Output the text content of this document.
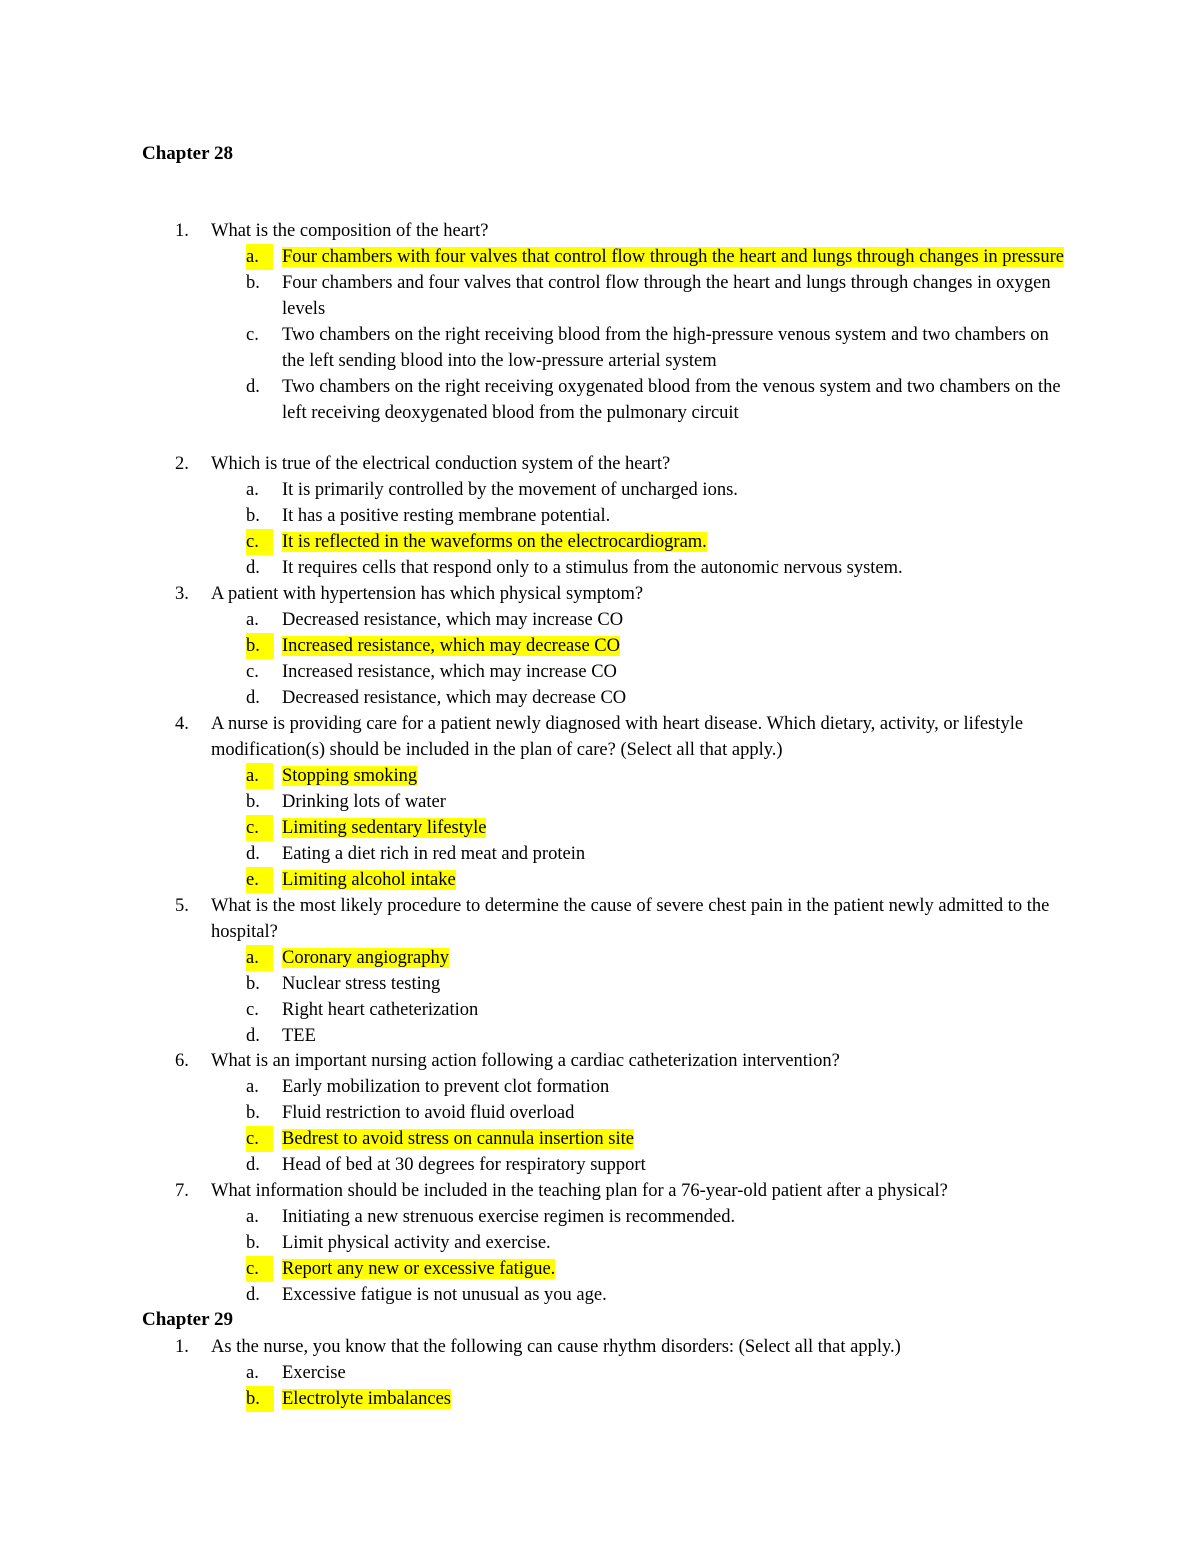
Chapter 28
1. What is the composition of the heart?
a.	Four chambers with four valves that control flow through the heart and lungs through changes in pressure
b. Four chambers and four valves that control flow through the heart and lungs through changes in oxygen levels
c. Two chambers on the right receiving blood from the high-pressure venous system and two chambers on the left sending blood into the low-pressure arterial system
d. Two chambers on the right receiving oxygenated blood from the venous system and two chambers on the left receiving deoxygenated blood from the pulmonary circuit
2. Which is true of the electrical conduction system of the heart?
a. It is primarily controlled by the movement of uncharged ions.
b. It has a positive resting membrane potential.
c.	It is reflected in the waveforms on the electrocardiogram.
d. It requires cells that respond only to a stimulus from the autonomic nervous system.
3. A patient with hypertension has which physical symptom?
a. Decreased resistance, which may increase CO
b.	Increased resistance, which may decrease CO
c. Increased resistance, which may increase CO
d. Decreased resistance, which may decrease CO
4. A nurse is providing care for a patient newly diagnosed with heart disease. Which dietary, activity, or lifestyle modification(s) should be included in the plan of care? (Select all that apply.)
a.	Stopping smoking
b. Drinking lots of water
c.	Limiting sedentary lifestyle
d. Eating a diet rich in red meat and protein
e.	Limiting alcohol intake
5. What is the most likely procedure to determine the cause of severe chest pain in the patient newly admitted to the hospital?
a.	Coronary angiography
b. Nuclear stress testing
c. Right heart catheterization
d. TEE
6. What is an important nursing action following a cardiac catheterization intervention?
a. Early mobilization to prevent clot formation
b. Fluid restriction to avoid fluid overload
c.	Bedrest to avoid stress on cannula insertion site
d. Head of bed at 30 degrees for respiratory support
7. What information should be included in the teaching plan for a 76-year-old patient after a physical?
a. Initiating a new strenuous exercise regimen is recommended.
b. Limit physical activity and exercise.
c.	Report any new or excessive fatigue.
d. Excessive fatigue is not unusual as you age.
Chapter 29
1. As the nurse, you know that the following can cause rhythm disorders: (Select all that apply.)
a. Exercise
b.	Electrolyte imbalances
